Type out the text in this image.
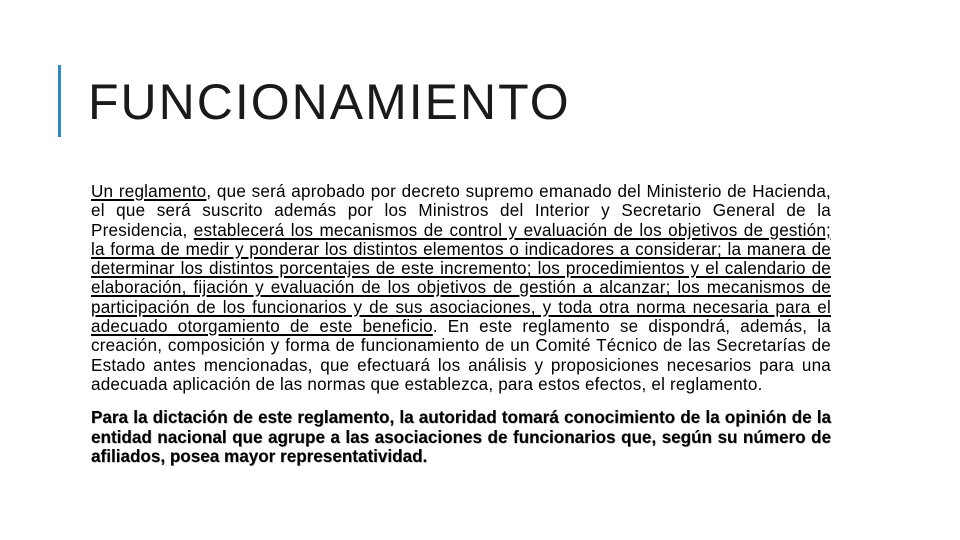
FUNCIONAMIENTO

Un reglamento, que será aprobado por decreto supremo emanado del Ministerio de Hacienda, el que será suscrito además por los Ministros del Interior y Secretario General de la Presidencia, establecerá los mecanismos de control y evaluación de los objetivos de gestión; la forma de medir y ponderar los distintos elementos o indicadores a considerar; la manera de determinar los distintos porcentajes de este incremento; los procedimientos y el calendario de elaboración, fijación y evaluación de los objetivos de gestión a alcanzar; los mecanismos de participación de los funcionarios y de sus asociaciones, y toda otra norma necesaria para el adecuado otorgamiento de este beneficio. En este reglamento se dispondrá, además, la creación, composición y forma de funcionamiento de un Comité Técnico de las Secretarías de Estado antes mencionadas, que efectuará los análisis y proposiciones necesarios para una adecuada aplicación de las normas que establezca, para estos efectos, el reglamento.

Para la dictación de este reglamento, la autoridad tomará conocimiento de la opinión de la entidad nacional que agrupe a las asociaciones de funcionarios que, según su número de afiliados, posea mayor representatividad.
